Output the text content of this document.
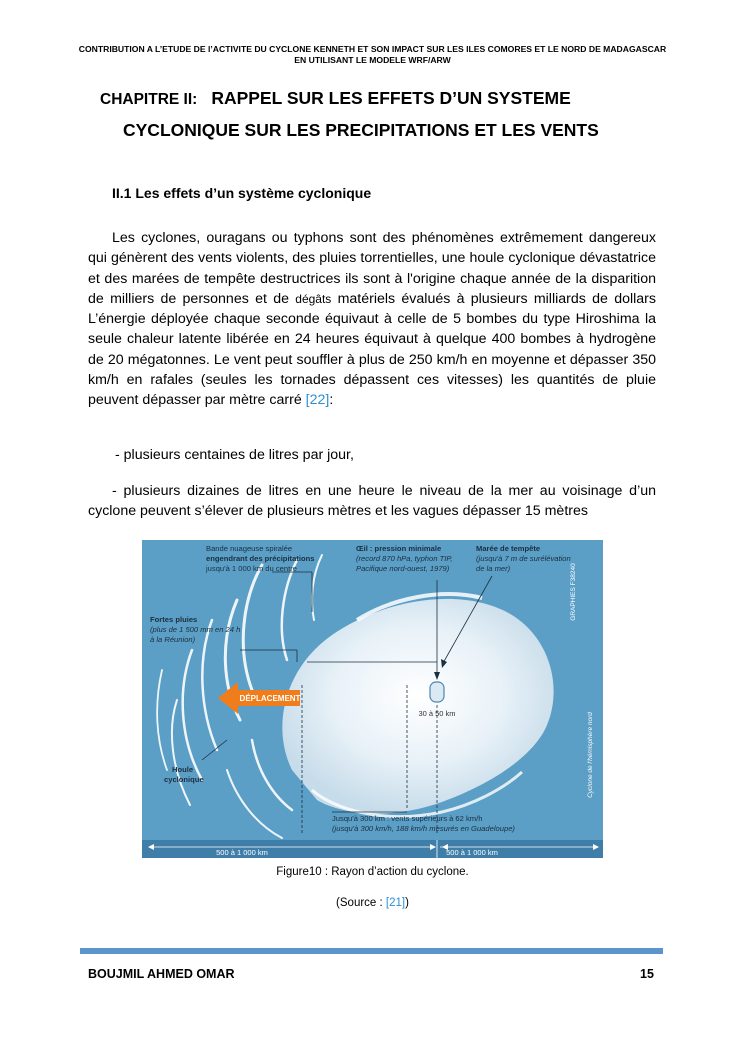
CONTRIBUTION A L’ETUDE DE l’ACTIVITE DU CYCLONE KENNETH ET SON IMPACT SUR LES ILES COMORES ET LE NORD DE MADAGASCAR
EN UTILISANT LE MODELE WRF/ARW
CHAPITRE II: RAPPEL SUR LES EFFETS D’UN SYSTEME
CYCLONIQUE SUR LES PRECIPITATIONS ET LES VENTS
II.1 Les effets d’un système cyclonique
Les cyclones, ouragans ou typhons sont des phénomènes extrêmement dangereux qui génèrent des vents violents, des pluies torrentielles, une houle cyclonique dévastatrice et des marées de tempête destructrices ils sont à l'origine chaque année de la disparition de milliers de personnes et de dégâts matériels évalués à plusieurs milliards de dollars L’énergie déployée chaque seconde équivaut à celle de 5 bombes du type Hiroshima la seule chaleur latente libérée en 24 heures équivaut à quelque 400 bombes à hydrogène de 20 mégatonnes. Le vent peut souffler à plus de 250 km/h en moyenne et dépasser 350 km/h en rafales (seules les tornades dépassent ces vitesses) les quantités de pluie peuvent dépasser par mètre carré [22]:
- plusieurs centaines de litres par jour,
- plusieurs dizaines de litres en une heure le niveau de la mer au voisinage d’un cyclone peuvent s’élever de plusieurs mètres et les vagues dépasser 15 mètres
30 à 50 km
DÉPLACEMENT
Bande nuageuse spiralée
engendrant des précipitations
jusqu'à 1 000 km du centre
Œil : pression minimale
(record 870 hPa, typhon TIP,
Pacifique nord-ouest, 1979)
Marée de tempête
(jusqu'à 7 m de surélévation
de la mer)
Fortes pluies
(plus de 1 500 mm en 24 h
à la Réunion)
Houle
cyclonique
Jusqu'à 300 km : vents supérieurs à 62 km/h
(jusqu'à 300 km/h, 188 km/h mesurés en Guadeloupe)
GRAPHIES F38240
Cyclone de l'hémisphère nord
500 à 1 000 km	500 à 1 000 km
Figure10 : Rayon d’action du cyclone.
(Source : [21])
BOUJMIL AHMED OMAR	15
